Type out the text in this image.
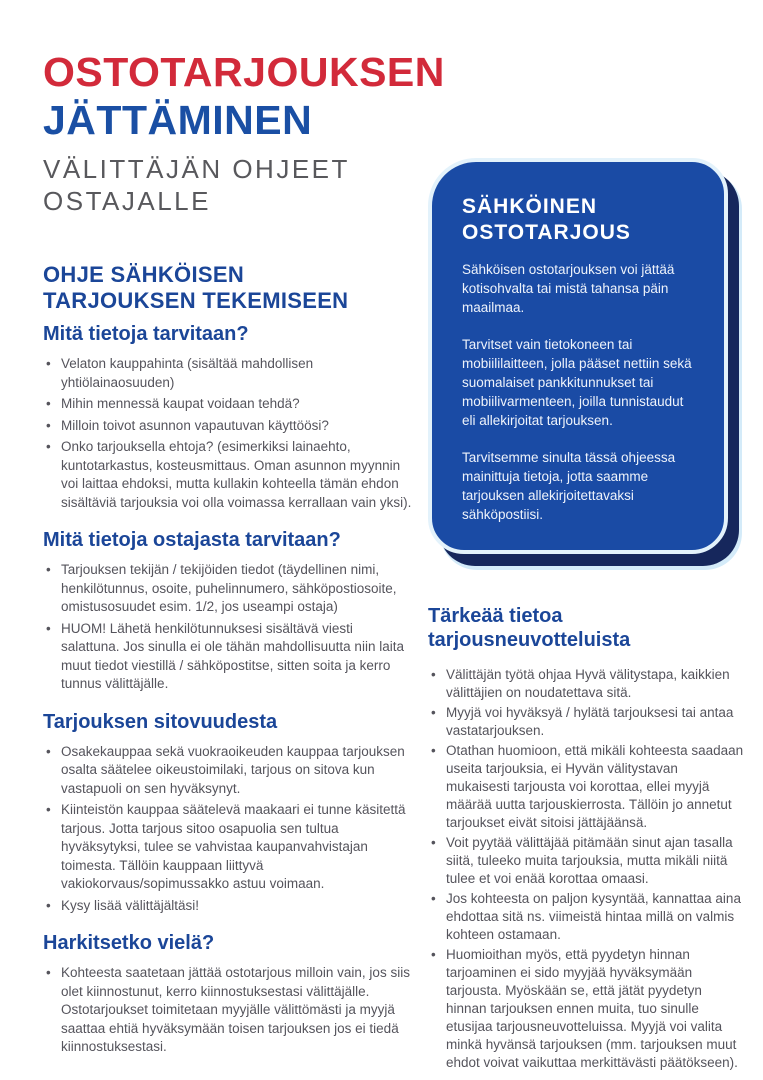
OSTOTARJOUKSEN
JÄTTÄMINEN
VÄLITTÄJÄN OHJEET OSTAJALLE
OHJE SÄHKÖISEN TARJOUKSEN TEKEMISEEN
Mitä tietoja tarvitaan?
• Velaton kauppahinta (sisältää mahdollisen yhtiölainaosuuden)
• Mihin mennessä kaupat voidaan tehdä?
• Milloin toivot asunnon vapautuvan käyttöösi?
• Onko tarjouksella ehtoja? (esimerkiksi lainaehto, kuntotarkastus, kosteusmittaus. Oman asunnon myynnin voi laittaa ehdoksi, mutta kullakin kohteella tämän ehdon sisältäviä tarjouksia voi olla voimassa kerrallaan vain yksi).
Mitä tietoja ostajasta tarvitaan?
• Tarjouksen tekijän / tekijöiden tiedot (täydellinen nimi, henkilötunnus, osoite, puhelinnumero, sähköpostiosoite, omistusosuudet esim. 1/2, jos useampi ostaja)
• HUOM! Lähetä henkilötunnuksesi sisältävä viesti salattuna. Jos sinulla ei ole tähän mahdollisuutta niin laita muut tiedot viestillä / sähköpostitse, sitten soita ja kerro tunnus välittäjälle.
Tarjouksen sitovuudesta
• Osakekauppaa sekä vuokraoikeuden kauppaa tarjouksen osalta säätelee oikeustoimilaki, tarjous on sitova kun vastapuoli on sen hyväksynyt.
• Kiinteistön kauppaa säätelevä maakaari ei tunne käsitettä tarjous. Jotta tarjous sitoo osapuolia sen tultua hyväksytyksi, tulee se vahvistaa kaupanvahvistajan toimesta. Tällöin kauppaan liittyvä vakiokorvaus/sopimussakko astuu voimaan.
• Kysy lisää välittäjältäsi!
Harkitsetko vielä?
• Kohteesta saatetaan jättää ostotarjous milloin vain, jos siis olet kiinnostunut, kerro kiinnostuksestasi välittäjälle. Ostotarjoukset toimitetaan myyjälle välittömästi ja myyjä saattaa ehtiä hyväksymään toisen tarjouksen jos ei tiedä kiinnostuksestasi.
SÄHKÖINEN OSTOTARJOUS

Sähköisen ostotarjouksen voi jättää kotisohvalta tai mistä tahansa päin maailmaa.

Tarvitset vain tietokoneen tai mobiililaitteen, jolla pääset nettiin sekä suomalaiset pankkitunnukset tai mobiilivarmenteen, joilla tunnistaudut eli allekirjoitat tarjouksen.

Tarvitsemme sinulta tässä ohjeessa mainittuja tietoja, jotta saamme tarjouksen allekirjoitettavaksi sähköpostiisi.

Tärkeää tietoa tarjousneuvotteluista
• Välittäjän työtä ohjaa Hyvä välitystapa, kaikkien välittäjien on noudatettava sitä.
• Myyjä voi hyväksyä / hylätä tarjouksesi tai antaa vastatarjouksen.
• Otathan huomioon, että mikäli kohteesta saadaan useita tarjouksia, ei Hyvän välitystavan mukaisesti tarjousta voi korottaa, ellei myyjä määrää uutta tarjouskierrosta. Tällöin jo annetut tarjoukset eivät sitoisi jättäjäänsä.
• Voit pyytää välittäjää pitämään sinut ajan tasalla siitä, tuleeko muita tarjouksia, mutta mikäli niitä tulee et voi enää korottaa omaasi.
• Jos kohteesta on paljon kysyntää, kannattaa aina ehdottaa sitä ns. viimeistä hintaa millä on valmis kohteen ostamaan.
• Huomioithan myös, että pyydetyn hinnan tarjoaminen ei sido myyjää hyväksymään tarjousta. Myöskään se, että jätät pyydetyn hinnan tarjouksen ennen muita, tuo sinulle etusijaa tarjousneuvotteluissa. Myyjä voi valita minkä hyvänsä tarjouksen (mm. tarjouksen muut ehdot voivat vaikuttaa merkittävästi päätökseen).
